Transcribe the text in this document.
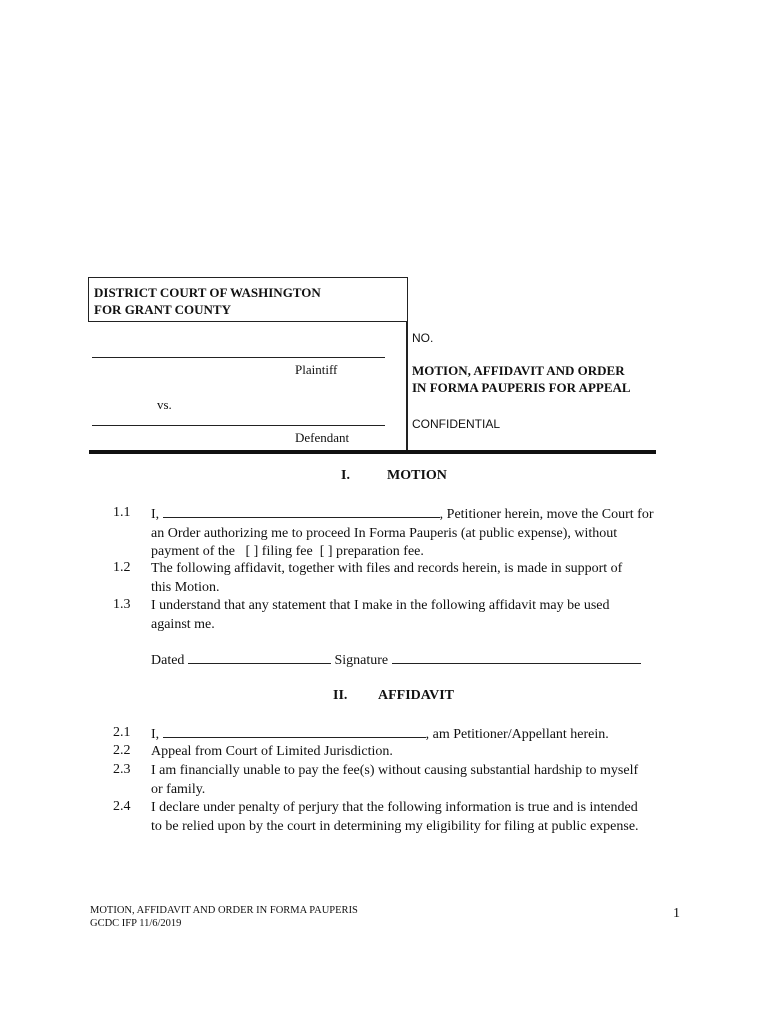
DISTRICT COURT OF WASHINGTON
FOR GRANT COUNTY
Plaintiff
vs.
Defendant
NO.
MOTION, AFFIDAVIT AND ORDER
IN FORMA PAUPERIS FOR APPEAL
CONFIDENTIAL
I.	MOTION
1.1	I,	, Petitioner herein, move the Court for
an Order authorizing me to proceed In Forma Pauperis (at public expense), without
payment of the   [ ] filing fee  [ ] preparation fee.
1.2	The following affidavit, together with files and records herein, is made in support of
this Motion.
1.3	I understand that any statement that I make in the following affidavit may be used
against me.
Dated	Signature
II. AFFIDAVIT
2.1	I,	, am Petitioner/Appellant herein.
2.2	Appeal from Court of Limited Jurisdiction.
2.3	I am financially unable to pay the fee(s) without causing substantial hardship to myself
or family.
2.4	I declare under penalty of perjury that the following information is true and is intended
to be relied upon by the court in determining my eligibility for filing at public expense.
MOTION, AFFIDAVIT AND ORDER IN FORMA PAUPERIS
GCDC IFP 11/6/2019
1
